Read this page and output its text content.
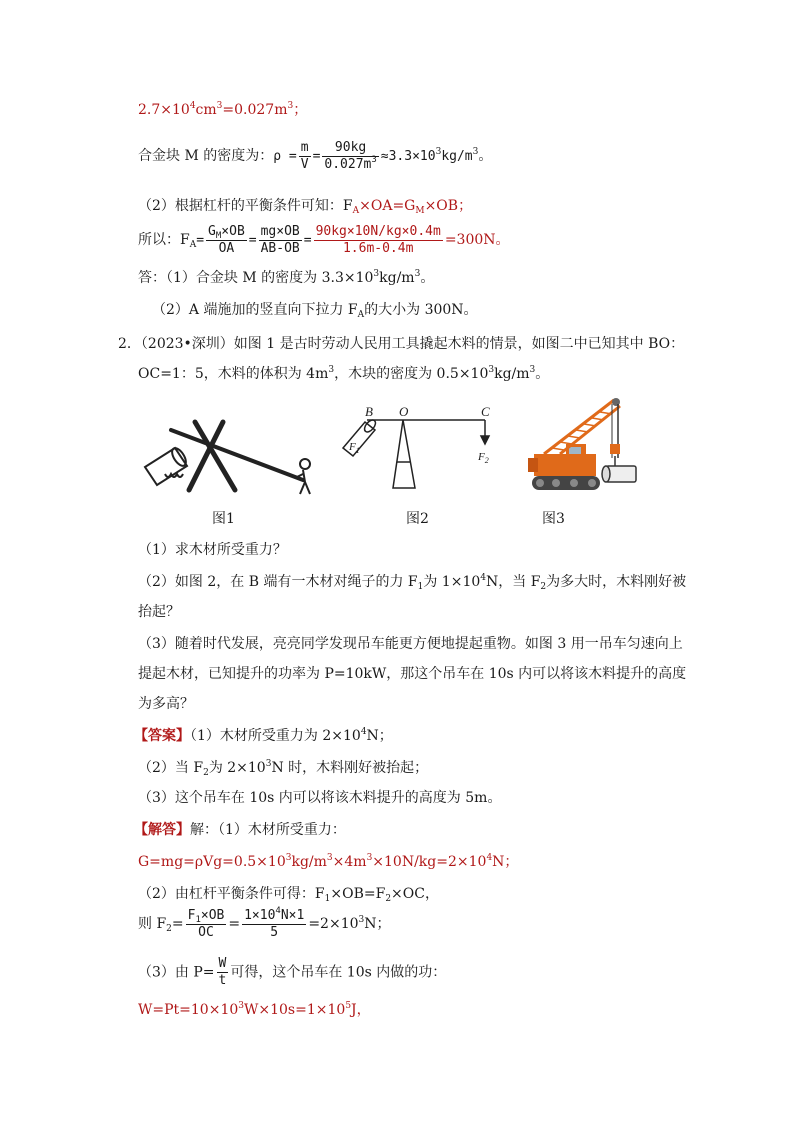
$2.7\times 10^4cm^3=0.027m^3$；
合金块 M 的密度为：$\rho = \frac{m}{V} = \frac{90kg}{0.027m^3} \approx 3.3\times 10^3kg/m^3$。
（2）根据杠杆的平衡条件可知：$F_A\times OA=G_M\times OB$；
所以：$F_A= \frac{G_M\times OB}{OA} = \frac{mg\times OB}{AB-OB} = \frac{90kg\times 10N/kg\times 0.4m}{1.6m-0.4m} =300N$。
答：（1）合金块 M 的密度为 $3.3\times 10^3kg/m^3$。
（2）A 端施加的竖直向下拉力 $F_A$的大小为 300N。
2．（2023•深圳）如图 1 是古时劳动人民用工具撬起木料的情景，如图二中已知其中 BO：
OC=1：5，木料的体积为 $4m^3$，木块的密度为 $0.5\times 10^3kg/m^3$。
B O	C
$F_1$
$F_2$
图1	图2	图3
（1）求木材所受重力？
（2）如图 2，在 B 端有一木材对绳子的力 $F_1$为 $1\times 10^4N$，当 $F_2$为多大时，木料刚好被
抬起？
（3）随着时代发展，亮亮同学发现吊车能更方便地提起重物。如图 3 用一吊车匀速向上
提起木材，已知提升的功率为 P=10kW，那这个吊车在 10s 内可以将该木料提升的高度
为多高？
【答案】（1）木材所受重力为 $2\times 10^4N$；
（2）当 $F_2$为 $2\times 10^3N$ 时，木料刚好被抬起；
（3）这个吊车在 10s 内可以将该木料提升的高度为 5m。
【解答】解：（1）木材所受重力：
$G=mg=\rho Vg=0.5\times 10^3kg/m^3\times 4m^3\times 10N/kg=2\times 10^4N$；
（2）由杠杆平衡条件可得：$F_1\times OB=F_2\times OC$，
则 $F_2= \frac{F_1\times OB}{OC} = \frac{1\times 10^4N\times 1}{5} =2\times 10^3N$；
（3）由 $P= \frac{W}{t}$ 可得，这个吊车在 10s 内做的功：
$W=Pt=10\times 10^3W\times 10s=1\times 10^5J$，
